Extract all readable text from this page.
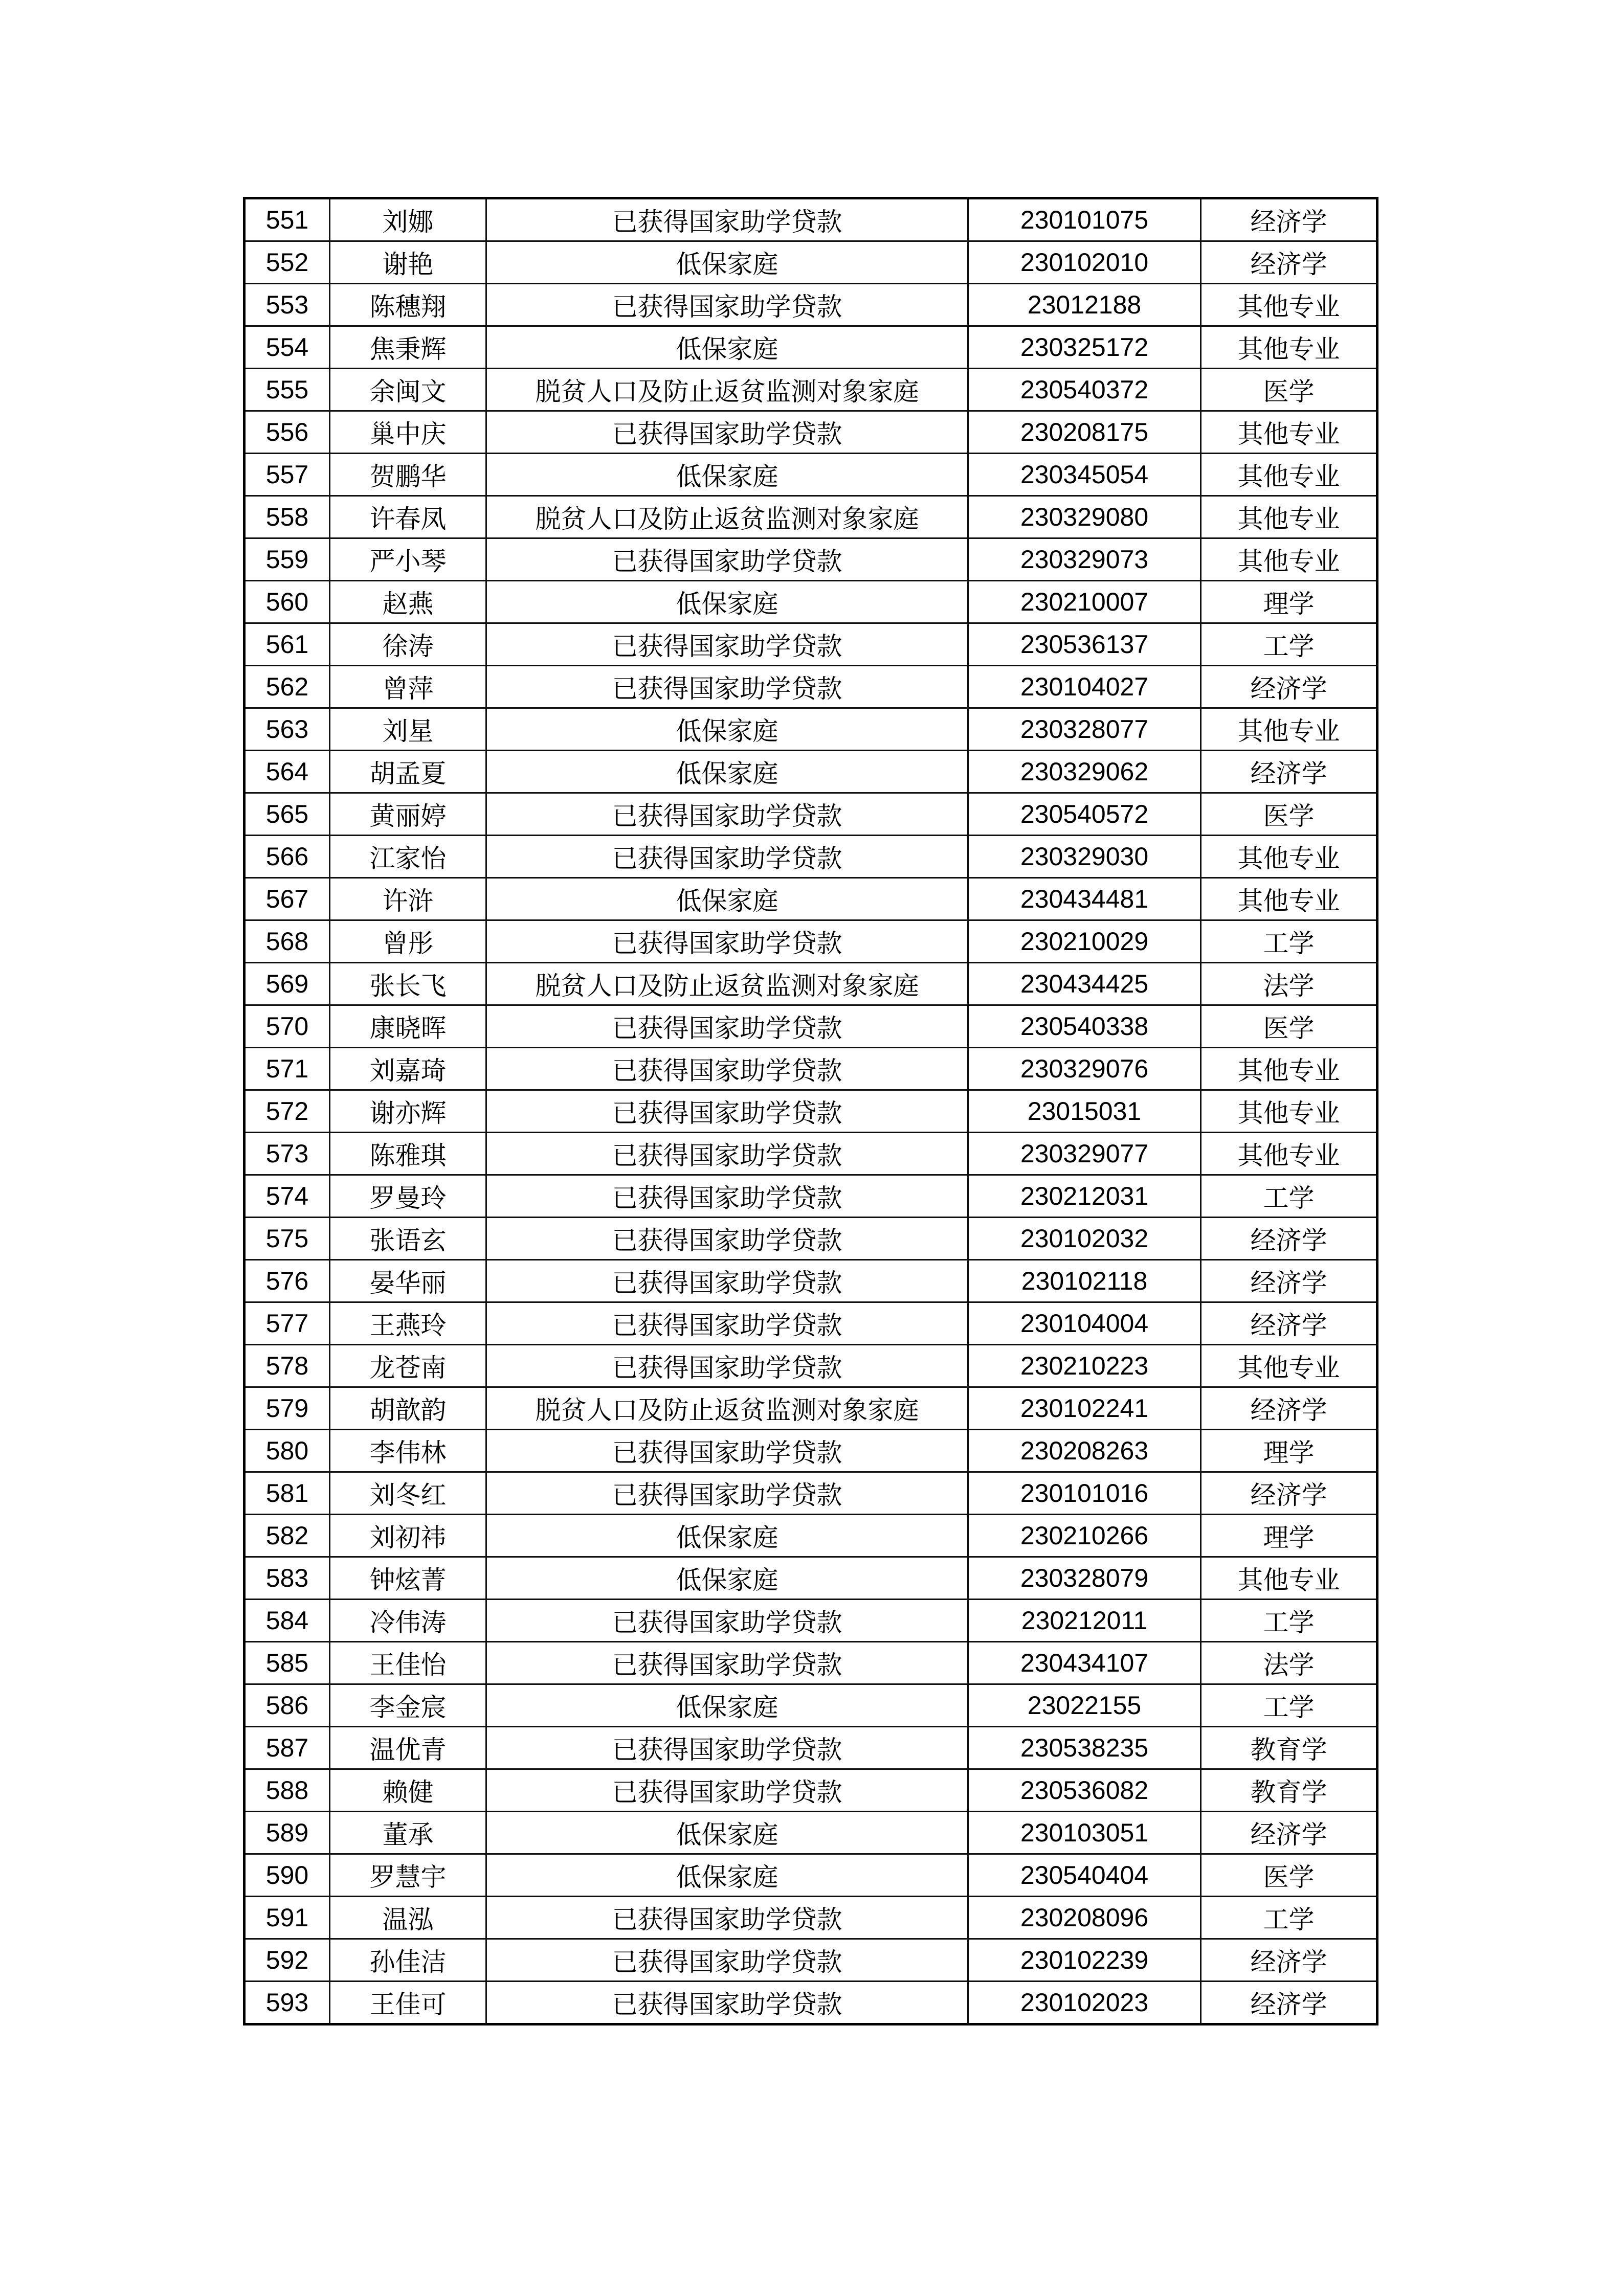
551	刘娜	已获得国家助学贷款	230101075	经济学
552	谢艳	低保家庭	230102010	经济学
553	陈穗翔	已获得国家助学贷款	23012188	其他专业
554	焦秉辉	低保家庭	230325172	其他专业
555	余闽文	脱贫人口及防止返贫监测对象家庭	230540372	医学
556	巢中庆	已获得国家助学贷款	230208175	其他专业
557	贺鹏华	低保家庭	230345054	其他专业
558	许春凤	脱贫人口及防止返贫监测对象家庭	230329080	其他专业
559	严小琴	已获得国家助学贷款	230329073	其他专业
560	赵燕	低保家庭	230210007	理学
561	徐涛	已获得国家助学贷款	230536137	工学
562	曾萍	已获得国家助学贷款	230104027	经济学
563	刘星	低保家庭	230328077	其他专业
564	胡孟夏	低保家庭	230329062	经济学
565	黄丽婷	已获得国家助学贷款	230540572	医学
566	江家怡	已获得国家助学贷款	230329030	其他专业
567	许浒	低保家庭	230434481	其他专业
568	曾彤	已获得国家助学贷款	230210029	工学
569	张长飞	脱贫人口及防止返贫监测对象家庭	230434425	法学
570	康晓晖	已获得国家助学贷款	230540338	医学
571	刘嘉琦	已获得国家助学贷款	230329076	其他专业
572	谢亦辉	已获得国家助学贷款	23015031	其他专业
573	陈雅琪	已获得国家助学贷款	230329077	其他专业
574	罗曼玲	已获得国家助学贷款	230212031	工学
575	张语玄	已获得国家助学贷款	230102032	经济学
576	晏华丽	已获得国家助学贷款	230102118	经济学
577	王燕玲	已获得国家助学贷款	230104004	经济学
578	龙苍南	已获得国家助学贷款	230210223	其他专业
579	胡歆韵	脱贫人口及防止返贫监测对象家庭	230102241	经济学
580	李伟林	已获得国家助学贷款	230208263	理学
581	刘冬红	已获得国家助学贷款	230101016	经济学
582	刘初祎	低保家庭	230210266	理学
583	钟炫菁	低保家庭	230328079	其他专业
584	冷伟涛	已获得国家助学贷款	230212011	工学
585	王佳怡	已获得国家助学贷款	230434107	法学
586	李金宸	低保家庭	23022155	工学
587	温优青	已获得国家助学贷款	230538235	教育学
588	赖健	已获得国家助学贷款	230536082	教育学
589	董承	低保家庭	230103051	经济学
590	罗慧宇	低保家庭	230540404	医学
591	温泓	已获得国家助学贷款	230208096	工学
592	孙佳洁	已获得国家助学贷款	230102239	经济学
593	王佳可	已获得国家助学贷款	230102023	经济学
